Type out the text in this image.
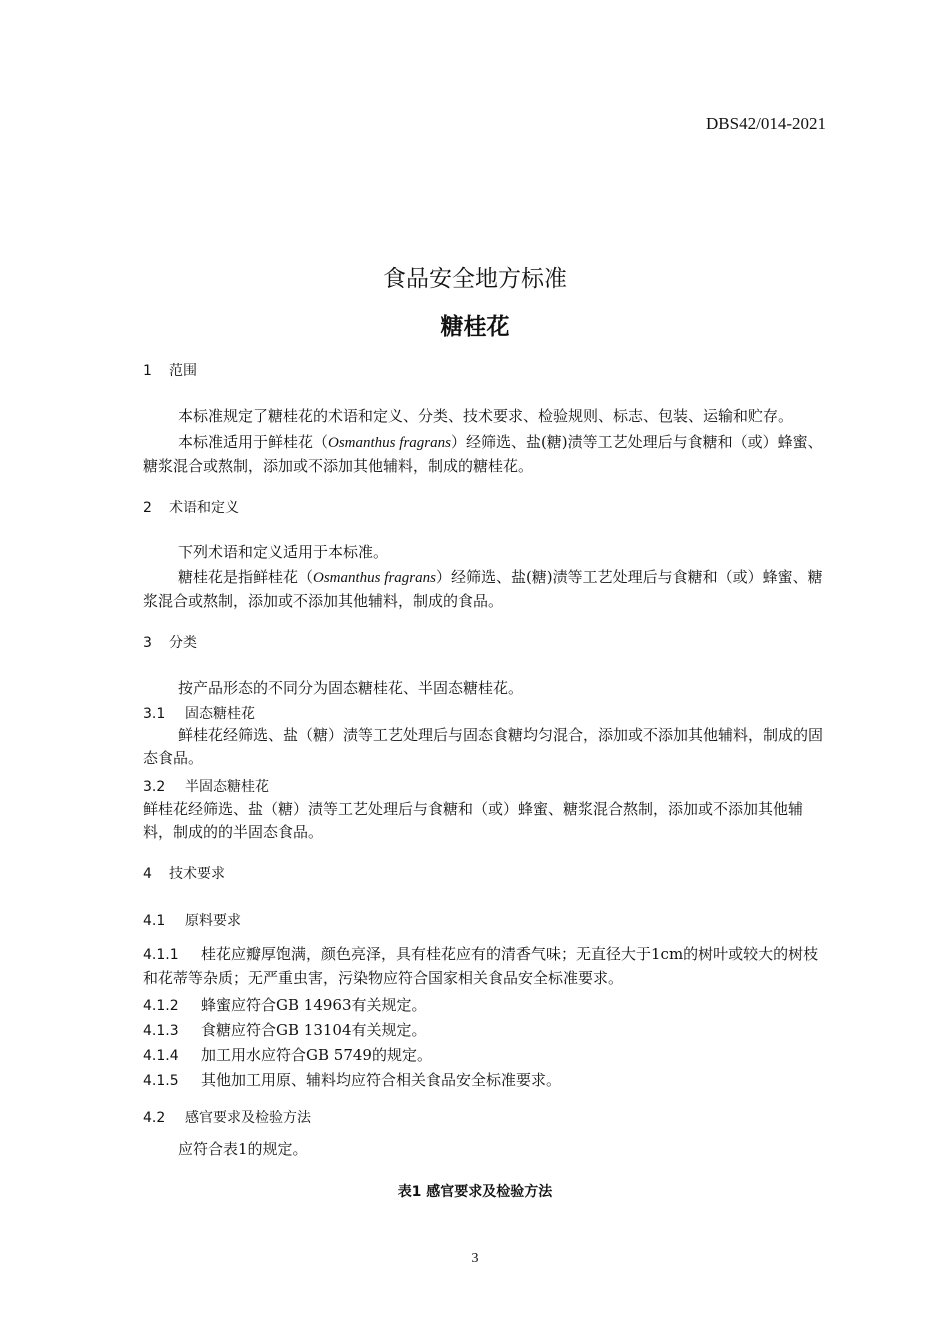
DBS42/014-2021
食品安全地方标准
糖桂花
1 范围
本标准规定了糖桂花的术语和定义、分类、技术要求、检验规则、标志、包装、运输和贮存。
本标准适用于鲜桂花（Osmanthus fragrans）经筛选、盐(糖)渍等工艺处理后与食糖和（或）蜂蜜、糖浆混合或熬制，添加或不添加其他辅料，制成的糖桂花。
2 术语和定义
下列术语和定义适用于本标准。
糖桂花是指鲜桂花（Osmanthus fragrans）经筛选、盐(糖)渍等工艺处理后与食糖和（或）蜂蜜、糖浆混合或熬制，添加或不添加其他辅料，制成的食品。
3 分类
按产品形态的不同分为固态糖桂花、半固态糖桂花。
3.1 固态糖桂花
鲜桂花经筛选、盐（糖）渍等工艺处理后与固态食糖均匀混合，添加或不添加其他辅料，制成的固态食品。
3.2 半固态糖桂花
鲜桂花经筛选、盐（糖）渍等工艺处理后与食糖和（或）蜂蜜、糖浆混合熬制，添加或不添加其他辅料，制成的的半固态食品。
4 技术要求
4.1 原料要求
4.1.1 桂花应瓣厚饱满，颜色亮泽，具有桂花应有的清香气味；无直径大于1cm的树叶或较大的树枝和花蒂等杂质；无严重虫害，污染物应符合国家相关食品安全标准要求。
4.1.2 蜂蜜应符合GB 14963有关规定。
4.1.3 食糖应符合GB 13104有关规定。
4.1.4 加工用水应符合GB 5749的规定。
4.1.5 其他加工用原、辅料均应符合相关食品安全标准要求。
4.2 感官要求及检验方法
应符合表1的规定。
表1 感官要求及检验方法
3
